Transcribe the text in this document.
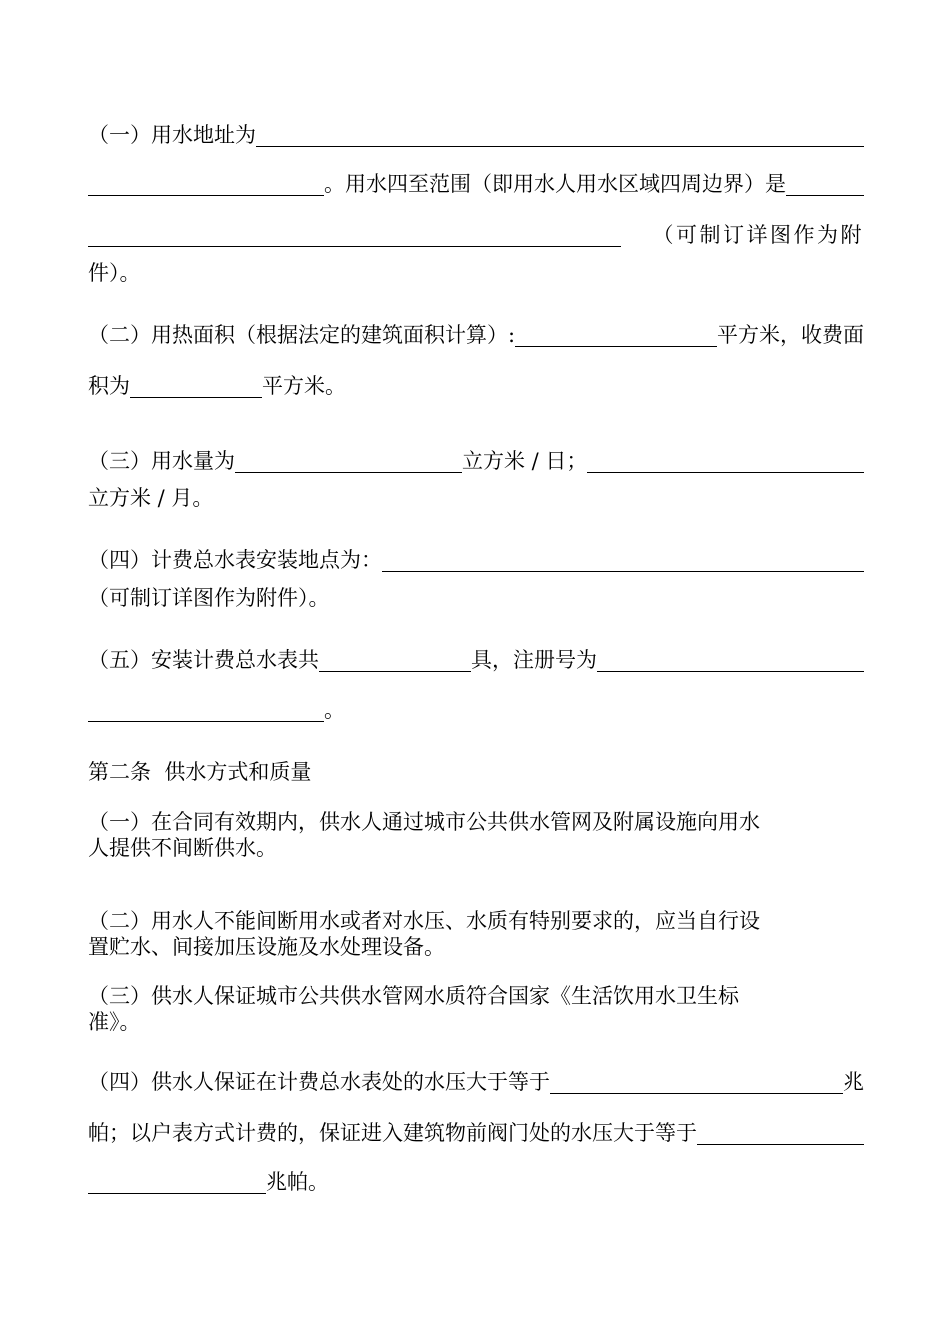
（一）用水地址为
。用水四至范围（即用水人用水区域四周边界）是
（可制订详图作为附
件）。
（二）用热面积（根据法定的建筑面积计算）:	平方米，收费面
积为	平方米。
（三）用水量为	立方米 / 日；
立方米 / 月。
（四）计费总水表安装地点为：
（可制订详图作为附件）。
（五）安装计费总水表共	具，注册号为
。
第二条  供水方式和质量
（一）在合同有效期内，供水人通过城市公共供水管网及附属设施向用水
人提供不间断供水。
（二）用水人不能间断用水或者对水压、水质有特别要求的，应当自行设
置贮水、间接加压设施及水处理设备。
（三）供水人保证城市公共供水管网水质符合国家《生活饮用水卫生标
准》。
（四）供水人保证在计费总水表处的水压大于等于	兆
帕；以户表方式计费的，保证进入建筑物前阀门处的水压大于等于
兆帕。
